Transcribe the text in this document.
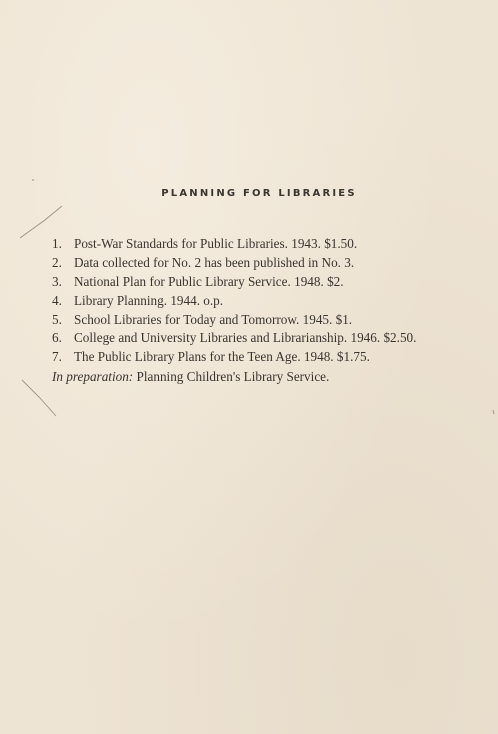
PLANNING FOR LIBRARIES
1. Post-War Standards for Public Libraries. 1943. $1.50.
2. Data collected for No. 2 has been published in No. 3.
3. National Plan for Public Library Service. 1948. $2.
4. Library Planning. 1944. o.p.
5. School Libraries for Today and Tomorrow. 1945. $1.
6. College and University Libraries and Librarianship. 1946. $2.50.
7. The Public Library Plans for the Teen Age. 1948. $1.75.
In preparation: Planning Children's Library Service.
